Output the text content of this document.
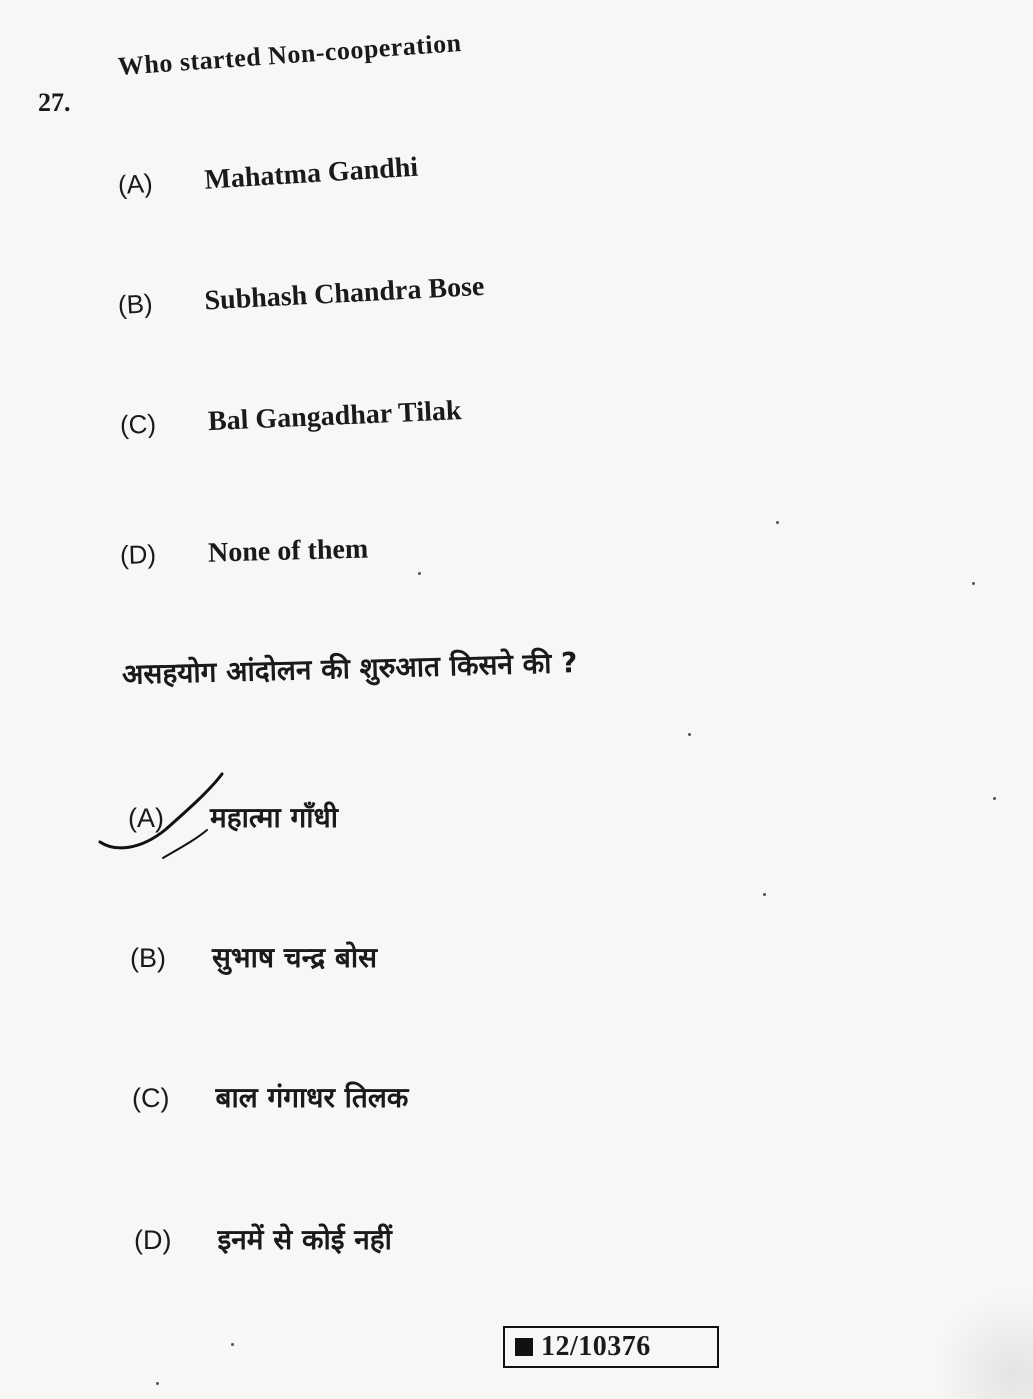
27.
Who started Non-cooperation
(A) Mahatma Gandhi
(B) Subhash Chandra Bose
(C) Bal Gangadhar Tilak
(D) None of them
असहयोग आंदोलन की शुरुआत किसने की ?
(A) महात्मा गाँधी
(B) सुभाष चन्द्र बोस
(C) बाल गंगाधर तिलक
(D) इनमें से कोई नहीं
12/10376
